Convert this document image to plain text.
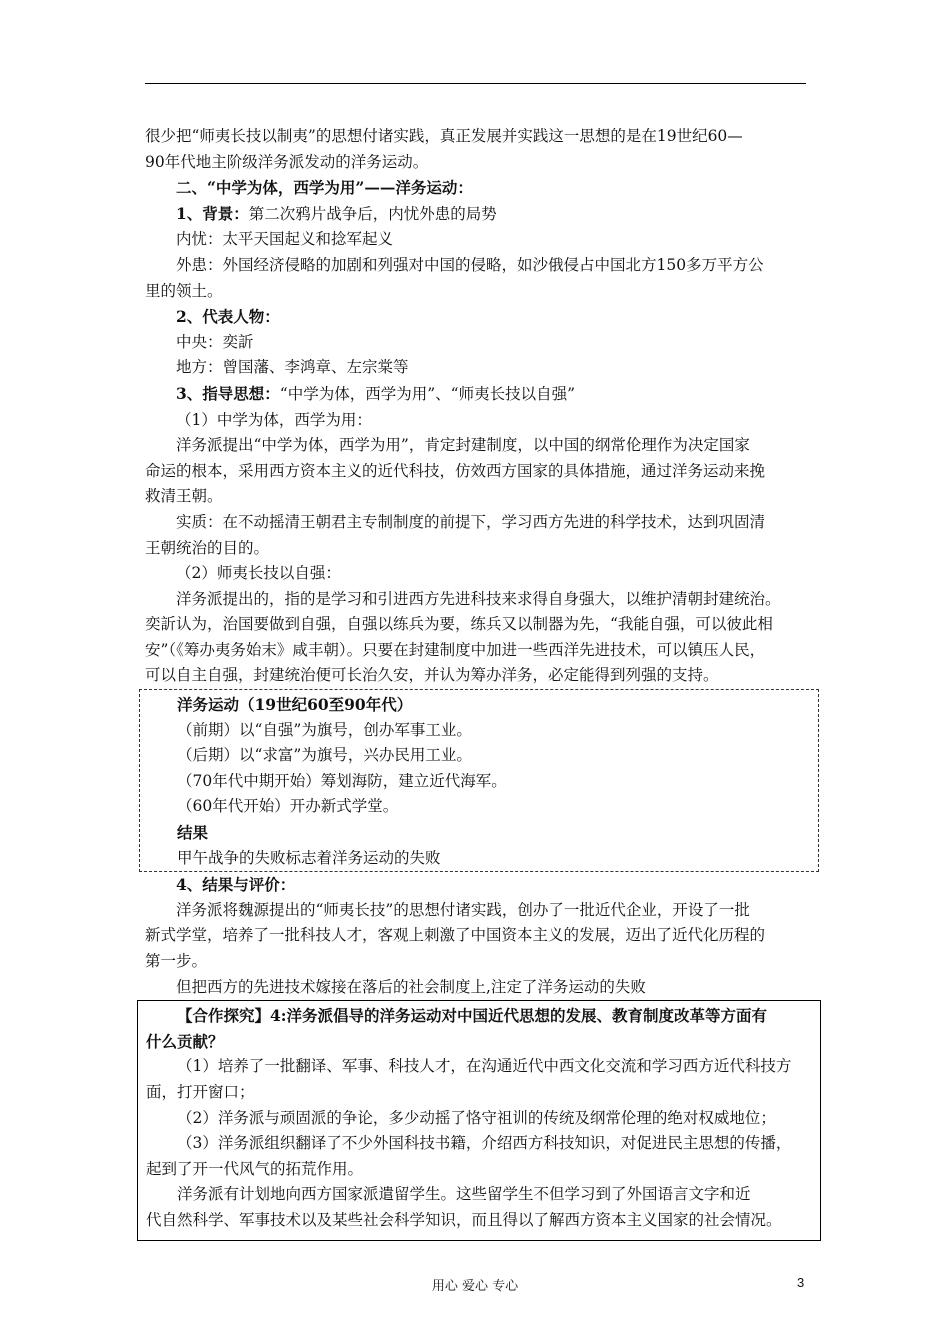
很少把“师夷长技以制夷”的思想付诸实践，真正发展并实践这一思想的是在19世纪60—
90年代地主阶级洋务派发动的洋务运动。
二、“中学为体，西学为用”——洋务运动：
1、背景：第二次鸦片战争后，内忧外患的局势
内忧：太平天国起义和捻军起义
外患：外国经济侵略的加剧和列强对中国的侵略，如沙俄侵占中国北方150多万平方公
里的领土。
2、代表人物：
中央：奕訢
地方：曾国藩、李鸿章、左宗棠等
3、指导思想：“中学为体，西学为用”、“师夷长技以自强”
（1）中学为体，西学为用：
洋务派提出“中学为体，西学为用”，肯定封建制度，以中国的纲常伦理作为决定国家
命运的根本，采用西方资本主义的近代科技，仿效西方国家的具体措施，通过洋务运动来挽
救清王朝。
实质：在不动摇清王朝君主专制制度的前提下，学习西方先进的科学技术，达到巩固清
王朝统治的目的。
（2）师夷长技以自强：
洋务派提出的，指的是学习和引进西方先进科技来求得自身强大，以维护清朝封建统治。
奕訢认为，治国要做到自强，自强以练兵为要，练兵又以制器为先，“我能自强，可以彼此相
安”（《筹办夷务始末》咸丰朝）。只要在封建制度中加进一些西洋先进技术，可以镇压人民，
可以自主自强，封建统治便可长治久安，并认为筹办洋务，必定能得到列强的支持。
洋务运动（19世纪60至90年代）
（前期）以“自强”为旗号，创办军事工业。
（后期）以“求富”为旗号，兴办民用工业。
（70年代中期开始）筹划海防，建立近代海军。
（60年代开始）开办新式学堂。
结果
甲午战争的失败标志着洋务运动的失败
4、结果与评价：
洋务派将魏源提出的“师夷长技”的思想付诸实践，创办了一批近代企业，开设了一批
新式学堂，培养了一批科技人才，客观上刺激了中国资本主义的发展，迈出了近代化历程的
第一步。
但把西方的先进技术嫁接在落后的社会制度上,注定了洋务运动的失败
【合作探究】4:洋务派倡导的洋务运动对中国近代思想的发展、教育制度改革等方面有
什么贡献？
（1）培养了一批翻译、军事、科技人才，在沟通近代中西文化交流和学习西方近代科技方
面，打开窗口；
（2）洋务派与顽固派的争论，多少动摇了恪守祖训的传统及纲常伦理的绝对权威地位；
（3）洋务派组织翻译了不少外国科技书籍，介绍西方科技知识，对促进民主思想的传播，
起到了开一代风气的拓荒作用。
洋务派有计划地向西方国家派遣留学生。这些留学生不但学习到了外国语言文字和近
代自然科学、军事技术以及某些社会科学知识，而且得以了解西方资本主义国家的社会情况。
用心 爱心 专心	3
